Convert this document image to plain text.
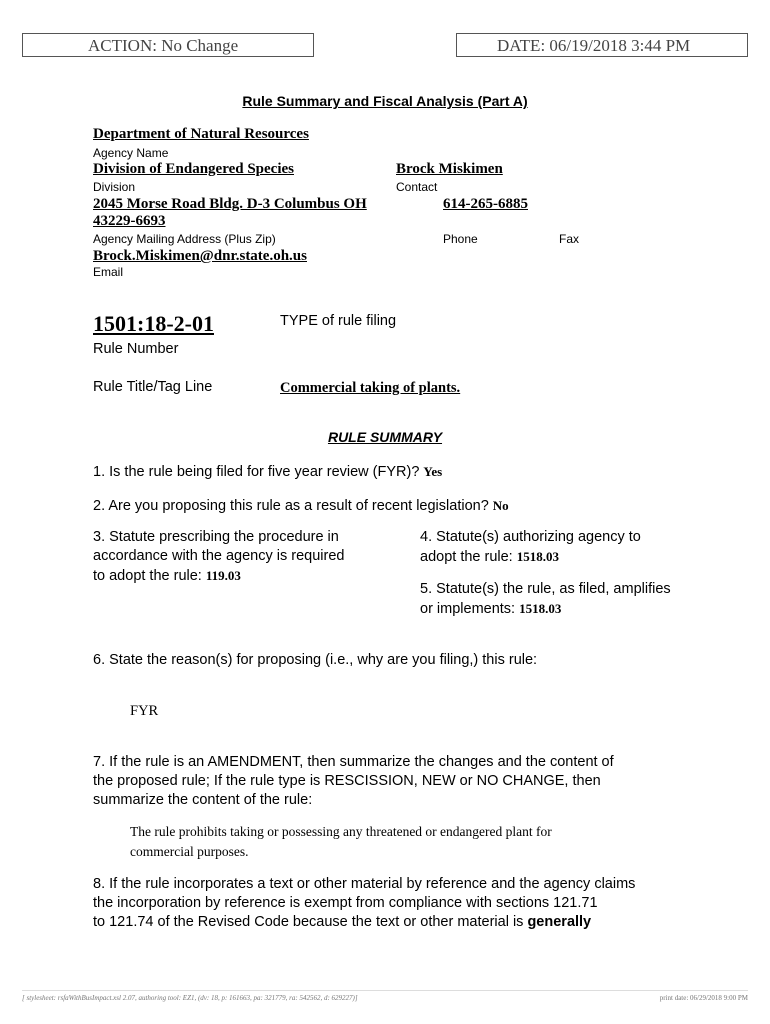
ACTION: No Change	DATE: 06/19/2018 3:44 PM
Rule Summary and Fiscal Analysis (Part A)
Department of Natural Resources
Agency Name
Division of Endangered Species
Division
Brock Miskimen
Contact
2045 Morse Road Bldg. D-3 Columbus OH
43229-6693
Agency Mailing Address (Plus Zip)
614-265-6885
Phone	Fax
Brock.Miskimen@dnr.state.oh.us
Email
1501:18-2-01	TYPE of rule filing
Rule Number
Rule Title/Tag Line	Commercial taking of plants.
RULE SUMMARY
1. Is the rule being filed for five year review (FYR)? Yes
2. Are you proposing this rule as a result of recent legislation? No
3. Statute prescribing the procedure in
accordance with the agency is required
to adopt the rule: 119.03
4. Statute(s) authorizing agency to
adopt the rule: 1518.03
5. Statute(s) the rule, as filed, amplifies
or implements: 1518.03
6. State the reason(s) for proposing (i.e., why are you filing,) this rule:
FYR
7. If the rule is an AMENDMENT, then summarize the changes and the content of
the proposed rule; If the rule type is RESCISSION, NEW or NO CHANGE, then
summarize the content of the rule:
The rule prohibits taking or possessing any threatened or endangered plant for
commercial purposes.
8. If the rule incorporates a text or other material by reference and the agency claims
the incorporation by reference is exempt from compliance with sections 121.71
to 121.74 of the Revised Code because the text or other material is generally
[ stylesheet: rsfaWithBusImpact.xsl 2.07, authoring tool: EZ1, (dv: 18, p: 161663, pa: 321779, ra: 542562, d: 629227)]	print date: 06/29/2018 9:00 PM
